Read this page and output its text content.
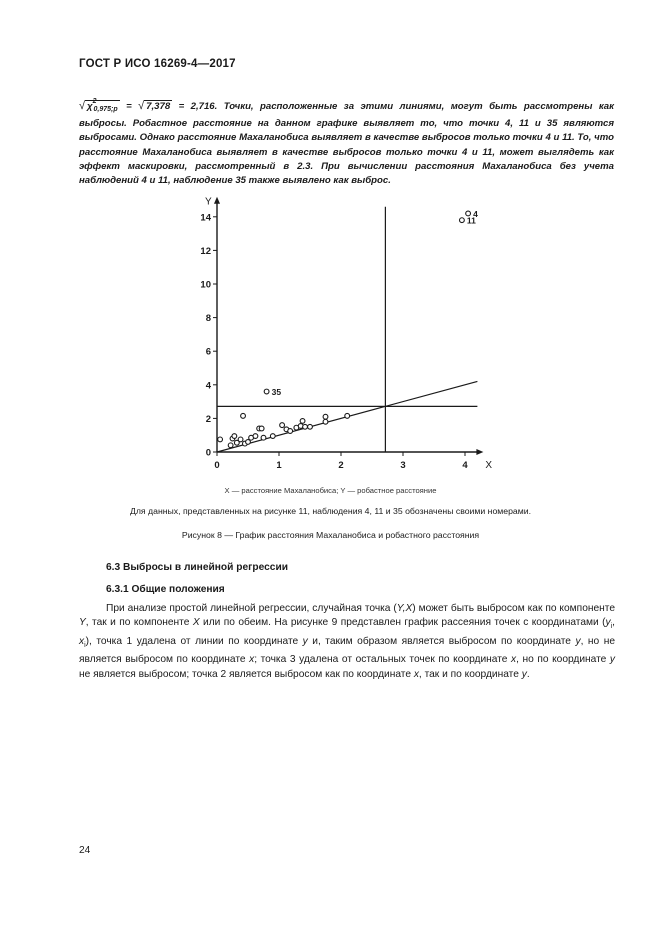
ГОСТ Р ИСО 16269-4—2017

√ $\chi^2_{0,975;p}$ = √ 7,378 = 2,716. Точки, расположенные за этими линиями, могут быть рассмотрены как выбросы. Робастное расстояние на данном графике выявляет то, что точки 4, 11 и 35 являются выбросами. Однако расстояние Махаланобиса выявляет в качестве выбросов только точки 4 и 11. То, что расстояние Махаланобиса выявляет в качестве выбросов только точки 4 и 11, может выглядеть как эффект маскировки, рассмотренный в 2.3. При вычислении расстояния Махаланобиса без учета наблюдений 4 и 11, наблюдение 35 также выявлено как выброс.

X
Y
0	1	2	3	4
0
2
4
6
8
10
12
14
35
11
4
X — расстояние Махаланобиса; Y — робастное расстояние
Для данных, представленных на рисунке 11, наблюдения 4, 11 и 35 обозначены своими номерами.
Рисунок 8 — График расстояния Махаланобиса и робастного расстояния
6.3 Выбросы в линейной регрессии
6.3.1 Общие положения

При анализе простой линейной регрессии, случайная точка (Y,X) может быть выбросом как по компоненте Y, так и по компоненте X или по обеим. На рисунке 9 представлен график рассеяния точек с координатами ($y_i$, $x_i$), точка 1 удалена от линии по координате y и, таким образом является выбросом по координате y, но не является выбросом по координате x; точка 3 удалена от остальных точек по координате x, но по координате y не является выбросом; точка 2 является выбросом как по координате x, так и по координате y.

24
